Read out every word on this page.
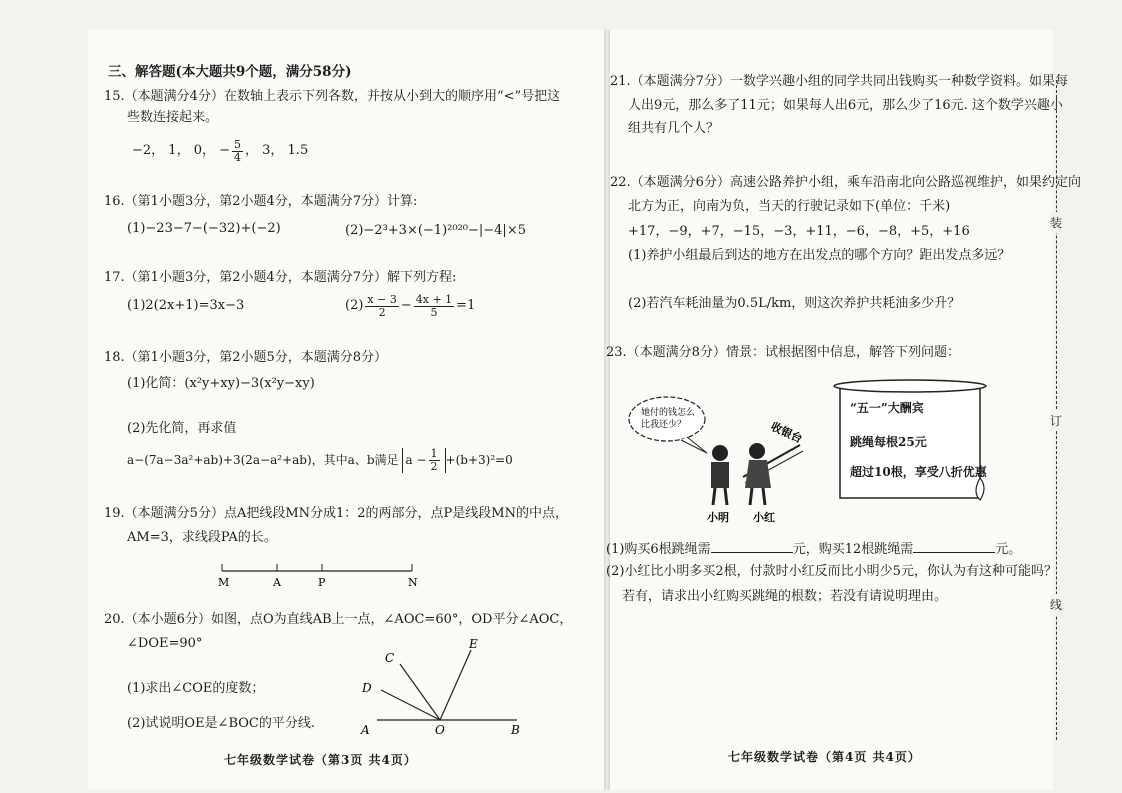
三、解答题(本大题共9个题，满分58分)
15.（本题满分4分）在数轴上表示下列各数，并按从小到大的顺序用“<”号把这
些数连接起来。
−2， 1， 0， − $\frac{5}{4}$ ， 3， 1.5
16.（第1小题3分，第2小题4分，本题满分7分）计算:
(1)−23−7−(−32)+(−2)	(2)−2³+3×(−1)²⁰²⁰−|−4|×5
17.（第1小题3分，第2小题4分，本题满分7分）解下列方程:
(1)2(2x+1)=3x−3	$(2) \frac{x - 3}{2} - \frac{4x + 1}{5} =1$
18.（第1小题3分，第2小题5分，本题满分8分）
(1)化简：(x²y+xy)−3(x²y−xy)
(2)先化简，再求值
a−(7a−3a²+ab)+3(2a−a²+ab)，其中a、b满足 $a - \frac{1}{2} +(b+3)^2=0$
19.（本题满分5分）点A把线段MN分成1：2的两部分，点P是线段MN的中点，
AM=3，求线段PA的长。
M	A	P	N
20.（本小题6分）如图，点O为直线AB上一点，∠AOC=60°，OD平分∠AOC，
∠DOE=90°
(1)求出∠COE的度数；
(2)试说明OE是∠BOC的平分线.
C
E
D
A	O	B
七年级数学试卷（第3页 共4页）
21.（本题满分7分）一数学兴趣小组的同学共同出钱购买一种数学资料。如果每
人出9元，那么多了11元；如果每人出6元，那么少了16元. 这个数学兴趣小
组共有几个人？
22.（本题满分6分）高速公路养护小组，乘车沿南北向公路巡视维护，如果约定向
北方为正，向南为负，当天的行驶记录如下(单位：千米)
+17，−9，+7，−15，−3，+11，−6，−8，+5，+16
(1)养护小组最后到达的地方在出发点的哪个方向？距出发点多远？
(2)若汽车耗油量为0.5L/km，则这次养护共耗油多少升？
23.（本题满分8分）情景：试根据图中信息，解答下列问题：
她付的钱怎么
比我还少？	收银台
小明 小红
“五一”大酬宾
跳绳每根25元
超过10根，享受八折优惠
(1)购买6根跳绳需	元，购买12根跳绳需	元。
(2)小红比小明多买2根，付款时小红反而比小明少5元，你认为有这种可能吗？
若有，请求出小红购买跳绳的根数；若没有请说明理由。
七年级数学试卷（第4页 共4页）
装
订
线
